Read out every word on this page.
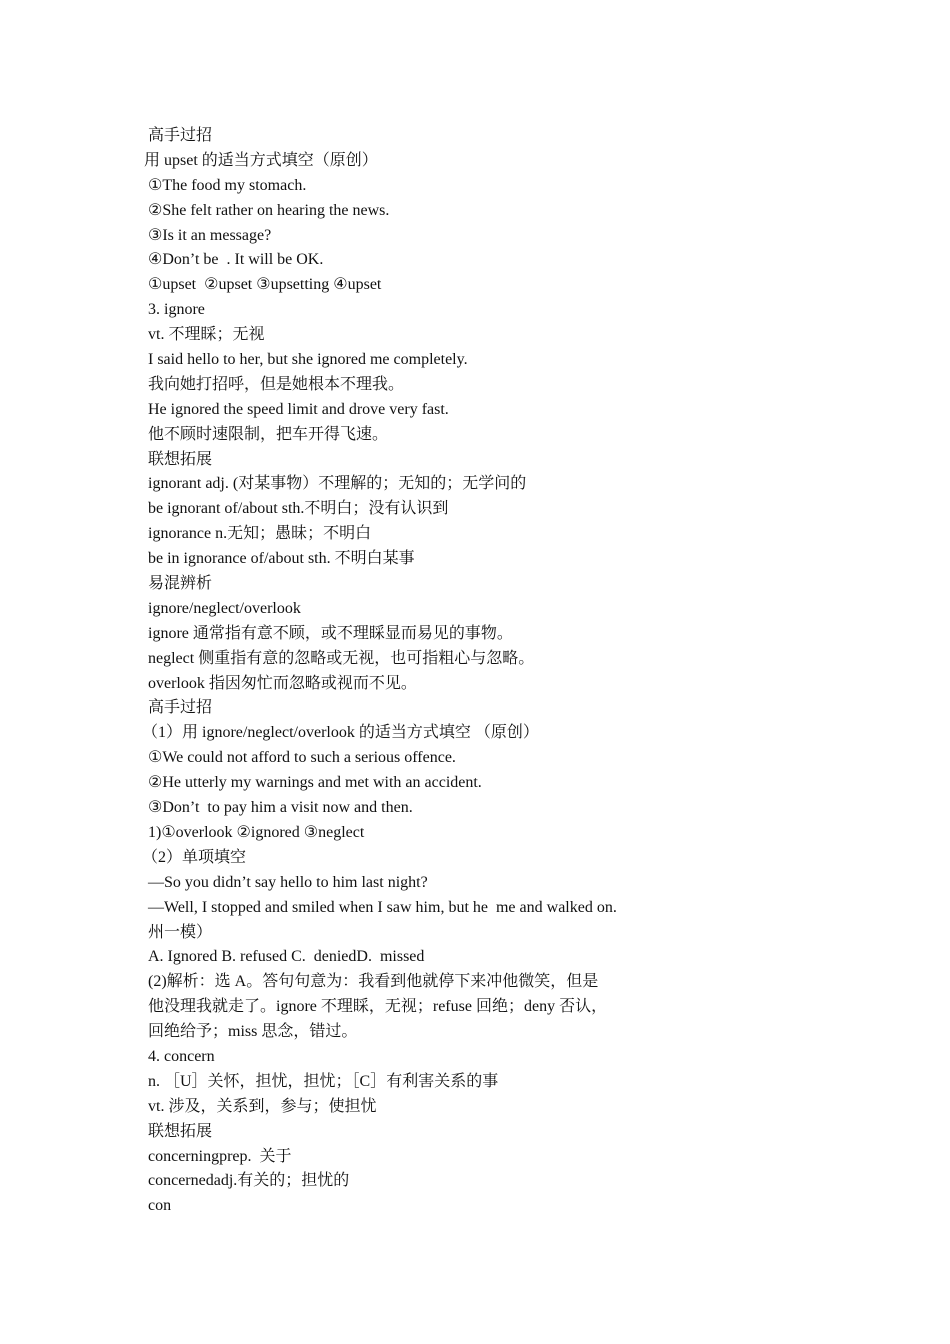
高手过招
用 upset 的适当方式填空（原创）
①The food my stomach.
②She felt rather on hearing the news.
③Is it an message?
④Don’t be  . It will be OK.
①upset  ②upset ③upsetting ④upset
3. ignore
vt. 不理睬；无视
I said hello to her, but she ignored me completely.
我向她打招呼，但是她根本不理我。
He ignored the speed limit and drove very fast.
他不顾时速限制，把车开得飞速。
联想拓展
ignorant adj. (对某事物）不理解的；无知的；无学问的
be ignorant of/about sth.不明白；没有认识到
ignorance n.无知；愚昧；不明白
be in ignorance of/about sth. 不明白某事
易混辨析
ignore/neglect/overlook
ignore 通常指有意不顾，或不理睬显而易见的事物。
neglect 侧重指有意的忽略或无视，也可指粗心与忽略。
overlook 指因匆忙而忽略或视而不见。
高手过招
（1）用 ignore/neglect/overlook 的适当方式填空 （原创）
①We could not afford to such a serious offence.
②He utterly my warnings and met with an accident.
③Don’t  to pay him a visit now and then.
1)①overlook ②ignored ③neglect
（2）单项填空
—So you didn’t say hello to him last night?
—Well, I stopped and smiled when I saw him, but he  me and walked on.
州一模）
A. Ignored B. refused C.  deniedD.  missed
(2)解析：选 A。答句句意为：我看到他就停下来冲他微笑，但是
他没理我就走了。ignore 不理睬，无视；refuse 回绝；deny 否认，
回绝给予；miss 思念，错过。
4. concern
n. ［U］关怀，担忧，担忧；［C］有利害关系的事
vt. 涉及，关系到，参与；使担忧
联想拓展
concerningprep.  关于
concernedadj.有关的；担忧的
con
